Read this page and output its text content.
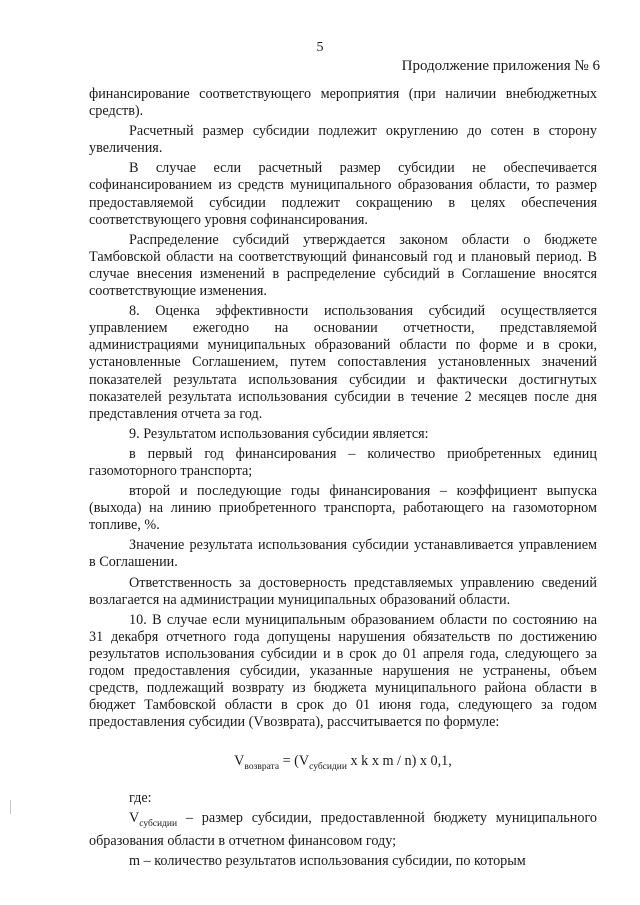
5
Продолжение приложения № 6

финансирование соответствующего мероприятия (при наличии внебюджетных средств).

Расчетный размер субсидии подлежит округлению до сотен в сторону увеличения.

В случае если расчетный размер субсидии не обеспечивается софинансированием из средств муниципального образования области, то размер предоставляемой субсидии подлежит сокращению в целях обеспечения соответствующего уровня софинансирования.

Распределение субсидий утверждается законом области о бюджете Тамбовской области на соответствующий финансовый год и плановый период. В случае внесения изменений в распределение субсидий в Соглашение вносятся соответствующие изменения.

8. Оценка эффективности использования субсидий осуществляется управлением ежегодно на основании отчетности, представляемой администрациями муниципальных образований области по форме и в сроки, установленные Соглашением, путем сопоставления установленных значений показателей результата использования субсидии и фактически достигнутых показателей результата использования субсидии в течение 2 месяцев после дня представления отчета за год.

9. Результатом использования субсидии является:

в первый год финансирования – количество приобретенных единиц газомоторного транспорта;

второй и последующие годы финансирования – коэффициент выпуска (выхода) на линию приобретенного транспорта, работающего на газомоторном топливе, %.

Значение результата использования субсидии устанавливается управлением в Соглашении.

Ответственность за достоверность представляемых управлению сведений возлагается на администрации муниципальных образований области.

10. В случае если муниципальным образованием области по состоянию на 31 декабря отчетного года допущены нарушения обязательств по достижению результатов использования субсидии и в срок до 01 апреля года, следующего за годом предоставления субсидии, указанные нарушения не устранены, объем средств, подлежащий возврату из бюджета муниципального района области в бюджет Тамбовской области в срок до 01 июня года, следующего за годом предоставления субсидии (Vвозврата), рассчитывается по формуле:

$V_{возврата} = (V_{субсидии}$ x k x m / n) x 0,1,

где:

$V_{субсидии}$ – размер субсидии, предоставленной бюджету муниципального образования области в отчетном финансовом году;

m – количество результатов использования субсидии, по которым
